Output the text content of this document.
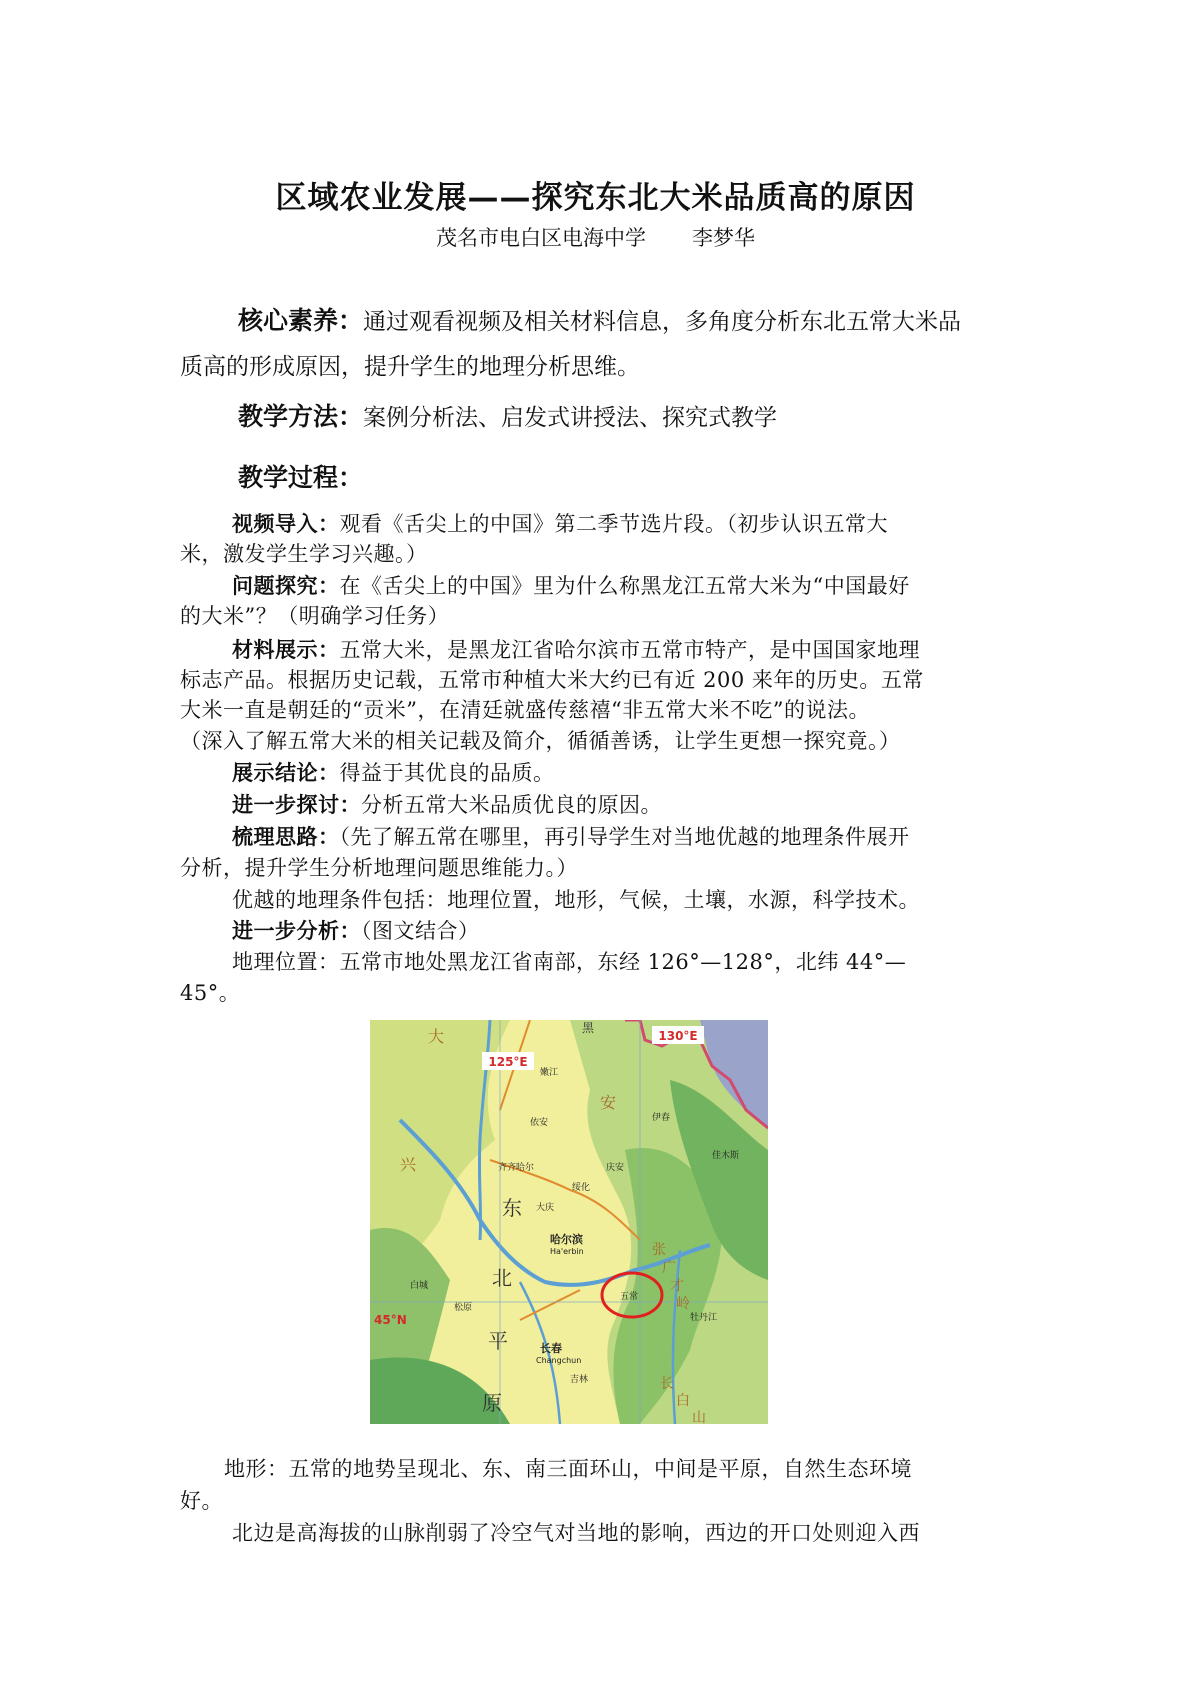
区域农业发展——探究东北大米品质高的原因
茂名市电白区电海中学 李梦华
核心素养：通过观看视频及相关材料信息，多角度分析东北五常大米品
质高的形成原因，提升学生的地理分析思维。
教学方法：案例分析法、启发式讲授法、探究式教学
教学过程：
视频导入：观看《舌尖上的中国》第二季节选片段。（初步认识五常大
米，激发学生学习兴趣。）
问题探究：在《舌尖上的中国》里为什么称黑龙江五常大米为“中国最好
的大米”？（明确学习任务）
材料展示：五常大米，是黑龙江省哈尔滨市五常市特产，是中国国家地理
标志产品。根据历史记载，五常市种植大米大约已有近 200 来年的历史。五常
大米一直是朝廷的“贡米”，在清廷就盛传慈禧“非五常大米不吃”的说法。
（深入了解五常大米的相关记载及简介，循循善诱，让学生更想一探究竟。）
展示结论：得益于其优良的品质。
进一步探讨：分析五常大米品质优良的原因。
梳理思路：（先了解五常在哪里，再引导学生对当地优越的地理条件展开
分析，提升学生分析地理问题思维能力。）
优越的地理条件包括：地理位置，地形，气候，土壤，水源，科学技术。
进一步分析：（图文结合）
地理位置：五常市地处黑龙江省南部，东经 126°—128°，北纬 44°—
45°。
125°E
130°E
45°N
东
北
平
原
大
兴
安
长
白
山
张
广
才
岭
黑
嫩江
依安
齐齐哈尔
大庆
哈尔滨
Ha'erbin
长春
Changchun
吉林
松原
白城
绥化
庆安
伊春
佳木斯
牡丹江
五常
地形：五常的地势呈现北、东、南三面环山，中间是平原，自然生态环境
好。
北边是高海拔的山脉削弱了冷空气对当地的影响，西边的开口处则迎入西
